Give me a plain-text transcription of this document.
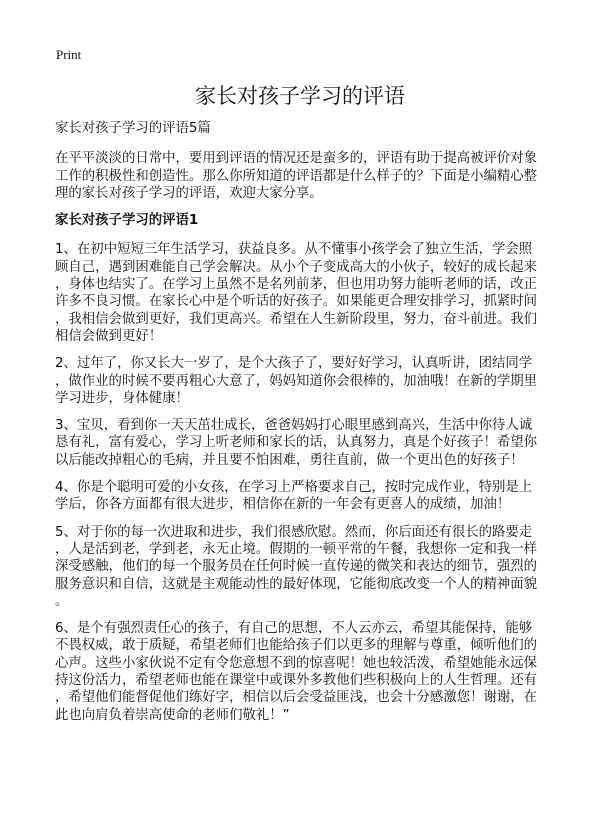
Print
家长对孩子学习的评语
家长对孩子学习的评语5篇
在平平淡淡的日常中，要用到评语的情况还是蛮多的，评语有助于提高被评价对象
工作的积极性和创造性。那么你所知道的评语都是什么样子的？下面是小编精心整
理的家长对孩子学习的评语，欢迎大家分享。
家长对孩子学习的评语1
1、在初中短短三年生活学习，获益良多。从不懂事小孩学会了独立生活，学会照
顾自己，遇到困难能自己学会解决。从小个子变成高大的小伙子，较好的成长起来
，身体也结实了。在学习上虽然不是名列前茅，但也用功努力能听老师的话，改正
许多不良习惯。在家长心中是个听话的好孩子。如果能更合理安排学习，抓紧时间
，我相信会做到更好，我们更高兴。希望在人生新阶段里，努力，奋斗前进。我们
相信会做到更好！
2、过年了，你又长大一岁了，是个大孩子了，要好好学习，认真听讲，团结同学
，做作业的时候不要再粗心大意了，妈妈知道你会很棒的，加油哦！在新的学期里
学习进步，身体健康！
3、宝贝，看到你一天天茁壮成长，爸爸妈妈打心眼里感到高兴，生活中你待人诚
恳有礼，富有爱心，学习上听老师和家长的话，认真努力，真是个好孩子！希望你
以后能改掉粗心的毛病，并且要不怕困难，勇往直前，做一个更出色的好孩子！
4、你是个聪明可爱的小女孩，在学习上严格要求自己，按时完成作业，特别是上
学后，你各方面都有很大进步，相信你在新的一年会有更喜人的成绩，加油！
5、对于你的每一次进取和进步，我们很感欣慰。然而，你后面还有很长的路要走
，人是活到老，学到老，永无止境。假期的一顿平常的午餐，我想你一定和我一样
深受感触，他们的每一个服务员在任何时候一直传递的微笑和表达的细节，强烈的
服务意识和自信，这就是主观能动性的最好体现，它能彻底改变一个人的精神面貌
。
6、是个有强烈责任心的孩子，有自己的思想，不人云亦云，希望其能保持，能够
不畏权威，敢于质疑，希望老师们也能给孩子们以更多的理解与尊重，倾听他们的
心声。这些小家伙说不定有令您意想不到的惊喜呢！她也较活泼，希望她能永远保
持这份活力，希望老师也能在课堂中或课外多教他们些积极向上的人生哲理。还有
，希望他们能督促他们练好字，相信以后会受益匪浅，也会十分感激您！谢谢，在
此也向肩负着崇高使命的老师们敬礼！”
